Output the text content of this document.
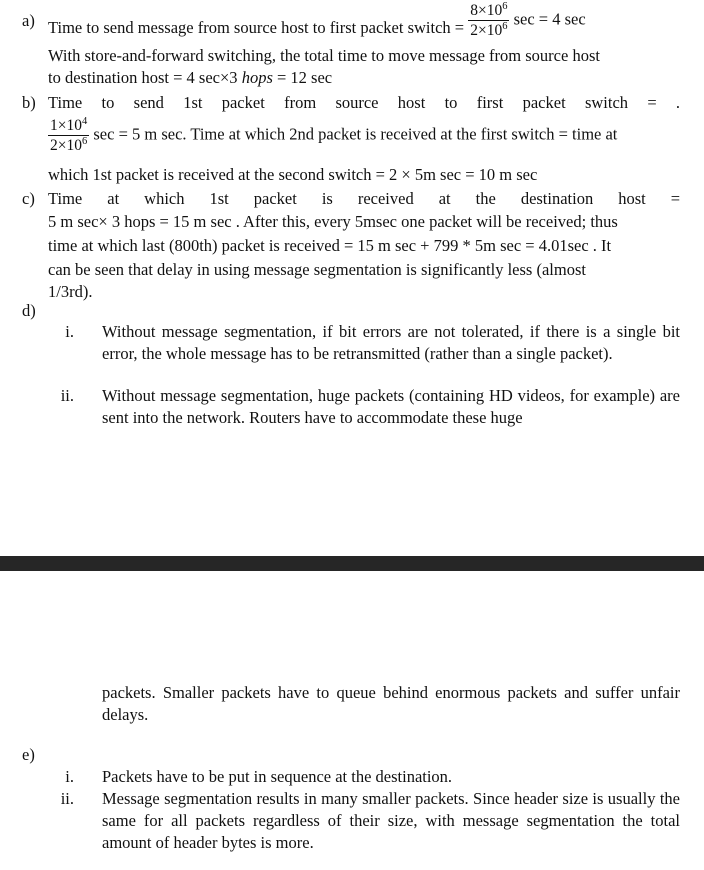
a) Time to send message from source host to first packet switch = $\frac{8\times 10^6}{2\times 10^6}$ sec = 4 sec
With store-and-forward switching, the total time to move message from source host
to destination host = 4 sec×3 hops = 12 sec
b) Time to send 1st packet from source host to first packet switch = .
$\frac{1\times 10^4}{2\times 10^6}$ sec = 5 m sec. Time at which 2nd packet is received at the first switch = time at
which 1st packet is received at the second switch = 2 × 5m sec = 10 m sec
c) Time at which 1st packet is received at the destination host =
5 m sec× 3 hops = 15 m sec . After this, every 5msec one packet will be received; thus
time at which last (800th) packet is received = 15 m sec + 799 * 5m sec = 4.01sec . It
can be seen that delay in using message segmentation is significantly less (almost
1/3rd).
d)
i. Without message segmentation, if bit errors are not tolerated, if there is a single bit error, the whole message has to be retransmitted (rather than a single packet).
ii. Without message segmentation, huge packets (containing HD videos, for example) are sent into the network. Routers have to accommodate these huge
packets. Smaller packets have to queue behind enormous packets and suffer unfair delays.
e)
i. Packets have to be put in sequence at the destination.
ii. Message segmentation results in many smaller packets. Since header size is usually the same for all packets regardless of their size, with message segmentation the total amount of header bytes is more.
